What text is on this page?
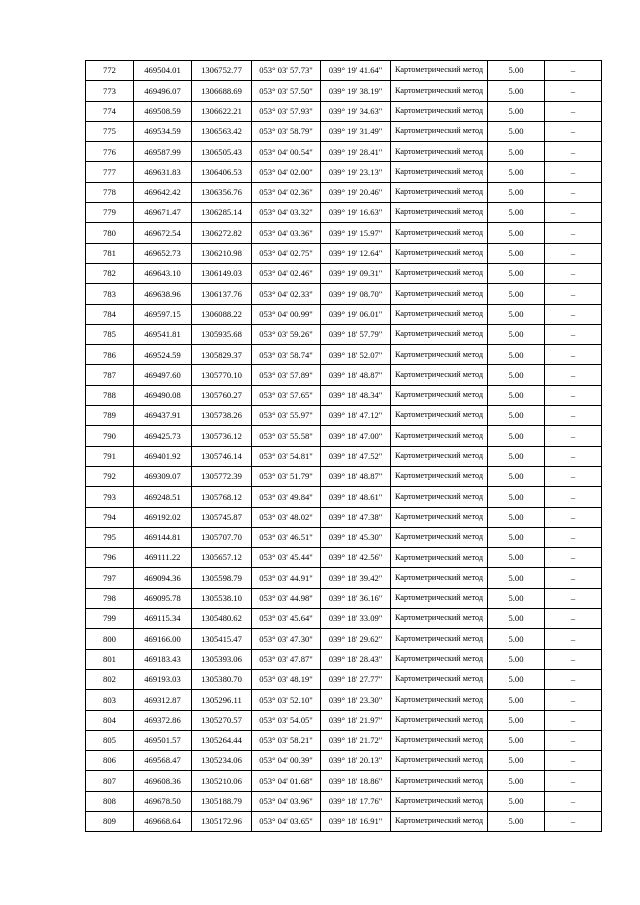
772	469504.01	1306752.77	053° 03' 57.73"	039° 19' 41.64"	Картометрический метод	5.00	–
773	469496.07	1306688.69	053° 03' 57.50"	039° 19' 38.19"	Картометрический метод	5.00	–
774	469508.59	1306622.21	053° 03' 57.93"	039° 19' 34.63"	Картометрический метод	5.00	–
775	469534.59	1306563.42	053° 03' 58.79"	039° 19' 31.49"	Картометрический метод	5.00	–
776	469587.99	1306505.43	053° 04' 00.54"	039° 19' 28.41"	Картометрический метод	5.00	–
777	469631.83	1306406.53	053° 04' 02.00"	039° 19' 23.13"	Картометрический метод	5.00	–
778	469642.42	1306356.76	053° 04' 02.36"	039° 19' 20.46"	Картометрический метод	5.00	–
779	469671.47	1306285.14	053° 04' 03.32"	039° 19' 16.63"	Картометрический метод	5.00	–
780	469672.54	1306272.82	053° 04' 03.36"	039° 19' 15.97"	Картометрический метод	5.00	–
781	469652.73	1306210.98	053° 04' 02.75"	039° 19' 12.64"	Картометрический метод	5.00	–
782	469643.10	1306149.03	053° 04' 02.46"	039° 19' 09.31"	Картометрический метод	5.00	–
783	469638.96	1306137.76	053° 04' 02.33"	039° 19' 08.70"	Картометрический метод	5.00	–
784	469597.15	1306088.22	053° 04' 00.99"	039° 19' 06.01"	Картометрический метод	5.00	–
785	469541.81	1305935.68	053° 03' 59.26"	039° 18' 57.79"	Картометрический метод	5.00	–
786	469524.59	1305829.37	053° 03' 58.74"	039° 18' 52.07"	Картометрический метод	5.00	–
787	469497.60	1305770.10	053° 03' 57.89"	039° 18' 48.87"	Картометрический метод	5.00	–
788	469490.08	1305760.27	053° 03' 57.65"	039° 18' 48.34"	Картометрический метод	5.00	–
789	469437.91	1305738.26	053° 03' 55.97"	039° 18' 47.12"	Картометрический метод	5.00	–
790	469425.73	1305736.12	053° 03' 55.58"	039° 18' 47.00"	Картометрический метод	5.00	–
791	469401.92	1305746.14	053° 03' 54.81"	039° 18' 47.52"	Картометрический метод	5.00	–
792	469309.07	1305772.39	053° 03' 51.79"	039° 18' 48.87"	Картометрический метод	5.00	–
793	469248.51	1305768.12	053° 03' 49.84"	039° 18' 48.61"	Картометрический метод	5.00	–
794	469192.02	1305745.87	053° 03' 48.02"	039° 18' 47.38"	Картометрический метод	5.00	–
795	469144.81	1305707.70	053° 03' 46.51"	039° 18' 45.30"	Картометрический метод	5.00	–
796	469111.22	1305657.12	053° 03' 45.44"	039° 18' 42.56"	Картометрический метод	5.00	–
797	469094.36	1305598.79	053° 03' 44.91"	039° 18' 39.42"	Картометрический метод	5.00	–
798	469095.78	1305538.10	053° 03' 44.98"	039° 18' 36.16"	Картометрический метод	5.00	–
799	469115.34	1305480.62	053° 03' 45.64"	039° 18' 33.09"	Картометрический метод	5.00	–
800	469166.00	1305415.47	053° 03' 47.30"	039° 18' 29.62"	Картометрический метод	5.00	–
801	469183.43	1305393.06	053° 03' 47.87"	039° 18' 28.43"	Картометрический метод	5.00	–
802	469193.03	1305380.70	053° 03' 48.19"	039° 18' 27.77"	Картометрический метод	5.00	–
803	469312.87	1305296.11	053° 03' 52.10"	039° 18' 23.30"	Картометрический метод	5.00	–
804	469372.86	1305270.57	053° 03' 54.05"	039° 18' 21.97"	Картометрический метод	5.00	–
805	469501.57	1305264.44	053° 03' 58.21"	039° 18' 21.72"	Картометрический метод	5.00	–
806	469568.47	1305234.06	053° 04' 00.39"	039° 18' 20.13"	Картометрический метод	5.00	–
807	469608.36	1305210.06	053° 04' 01.68"	039° 18' 18.86"	Картометрический метод	5.00	–
808	469678.50	1305188.79	053° 04' 03.96"	039° 18' 17.76"	Картометрический метод	5.00	–
809	469668.64	1305172.96	053° 04' 03.65"	039° 18' 16.91"	Картометрический метод	5.00	–
